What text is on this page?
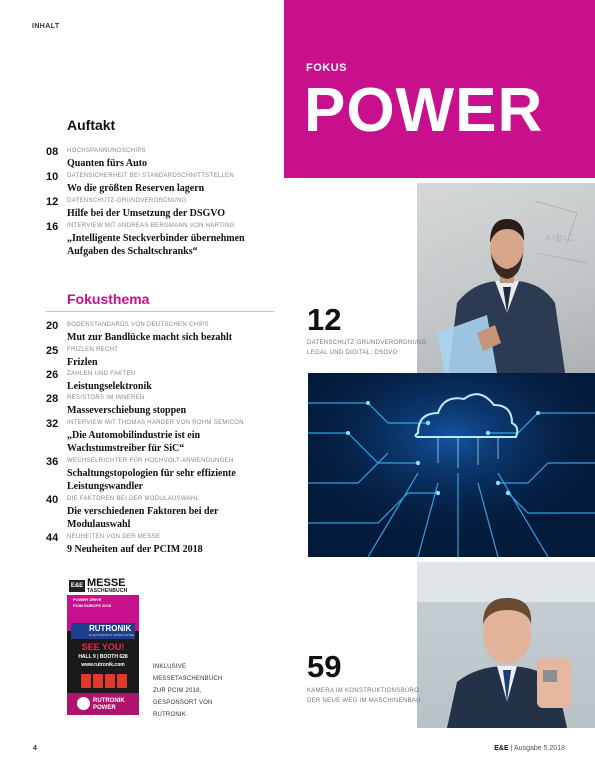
INHALT
FOKUS
POWER
Auftakt
08 HOCHSPANNUNGSCHIPS
Quanten fürs Auto
10 DATENSICHERHEIT BEI STANDARDSCHNITTSTELLEN
Wo die größten Reserven lagern
12 DATENSCHUTZ-GRUNDVERORDNUNG
Hilfe bei der Umsetzung der DSGVO
16 INTERVIEW MIT ANDREAS BERGMANN VON HARTING
„Intelligente Steckverbinder übernehmen Aufgaben des Schaltschranks“
Fokusthema
20 BODENSTANDARDS VON DEUTSCHEN CHIPS
Mut zur Bandlücke macht sich bezahlt
25 FRIZLEN RECHT
Frizlen
26 ZAHLEN UND FAKTEN
Leistungselektronik
28 RESISTORS IM INNEREN
Masseverschiebung stoppen
32 INTERVIEW MIT THOMAS HARDER VON ROHM SEMICON
„Die Automobilindustrie ist ein Wachstumstreiber für SiC“
36 WECHSELRICHTER FÜR HOCHVOLT-ANWENDUNGEN
Schaltungstopologien für sehr effiziente Leistungswandler
40 DIE FAKTOREN BEI DER MODULAUSWAHL
Die verschiedenen Faktoren bei der Modulauswahl
44 NEUHEITEN VON DER MESSE
9 Neuheiten auf der PCIM 2018
A+B=C
12
DATENSCHUTZ-GRUNDVERORDNUNG
LEGAL UND DIGITAL: DSGVO
59
KAMERA IM KONSTRUKTIONSBÜRO
DER NEUE WEG IM MASCHINENBAU
E&E MESSE
TASCHENBUCH
POWER DRIVE
PCIM EUROPE 2018
RUTRONIK
ELECTRONICS WORLDWIDE
SEE YOU!
HALL 9 | BOOTH 628
www.rutronik.com
RUTRONIK
POWER
INKLUSIVE
MESSETASCHENBUCH
ZUR PCIM 2018,
GESPONSORT VON
RUTRONIK
4	E&E | Ausgabe 5.2018
